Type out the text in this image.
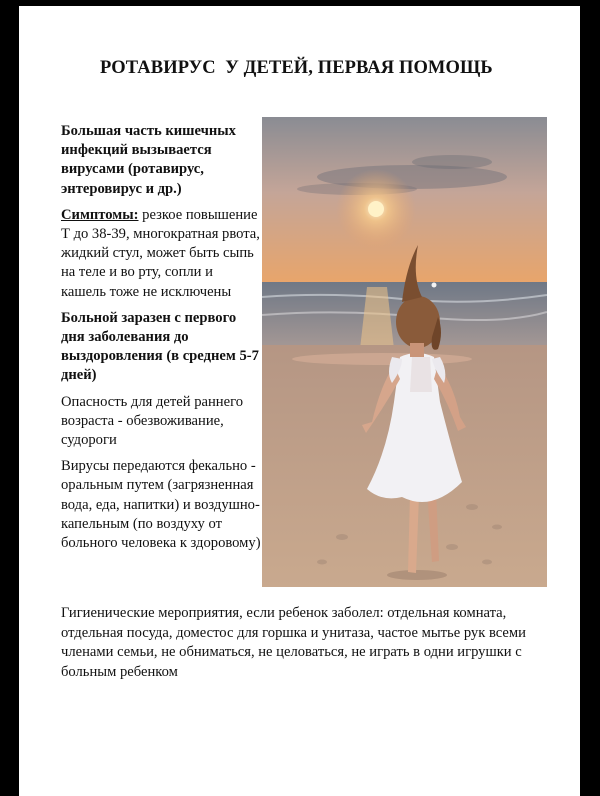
РОТАВИРУС  У ДЕТЕЙ, ПЕРВАЯ ПОМОЩЬ

Большая часть кишечных инфекций вызывается вирусами (ротавирус, энтеровирус и др.)

Симптомы: резкое повышение Т до 38-39, многократная рвота, жидкий стул, может быть сыпь на теле и во рту, сопли и кашель тоже не исключены

Больной заразен с первого дня заболевания до выздоровления (в среднем 5-7 дней)

Опасность для детей раннего возраста - обезвоживание, судороги

Вирусы передаются фекально - оральным путем (загрязненная вода, еда, напитки) и воздушно-капельным (по воздуху от больного человека к здоровому)

Гигиенические мероприятия, если ребенок заболел: отдельная комната, отдельная посуда, доместос для горшка и унитаза, частое мытье рук всеми членами семьи, не обниматься, не целоваться, не играть в одни игрушки с больным ребенком
